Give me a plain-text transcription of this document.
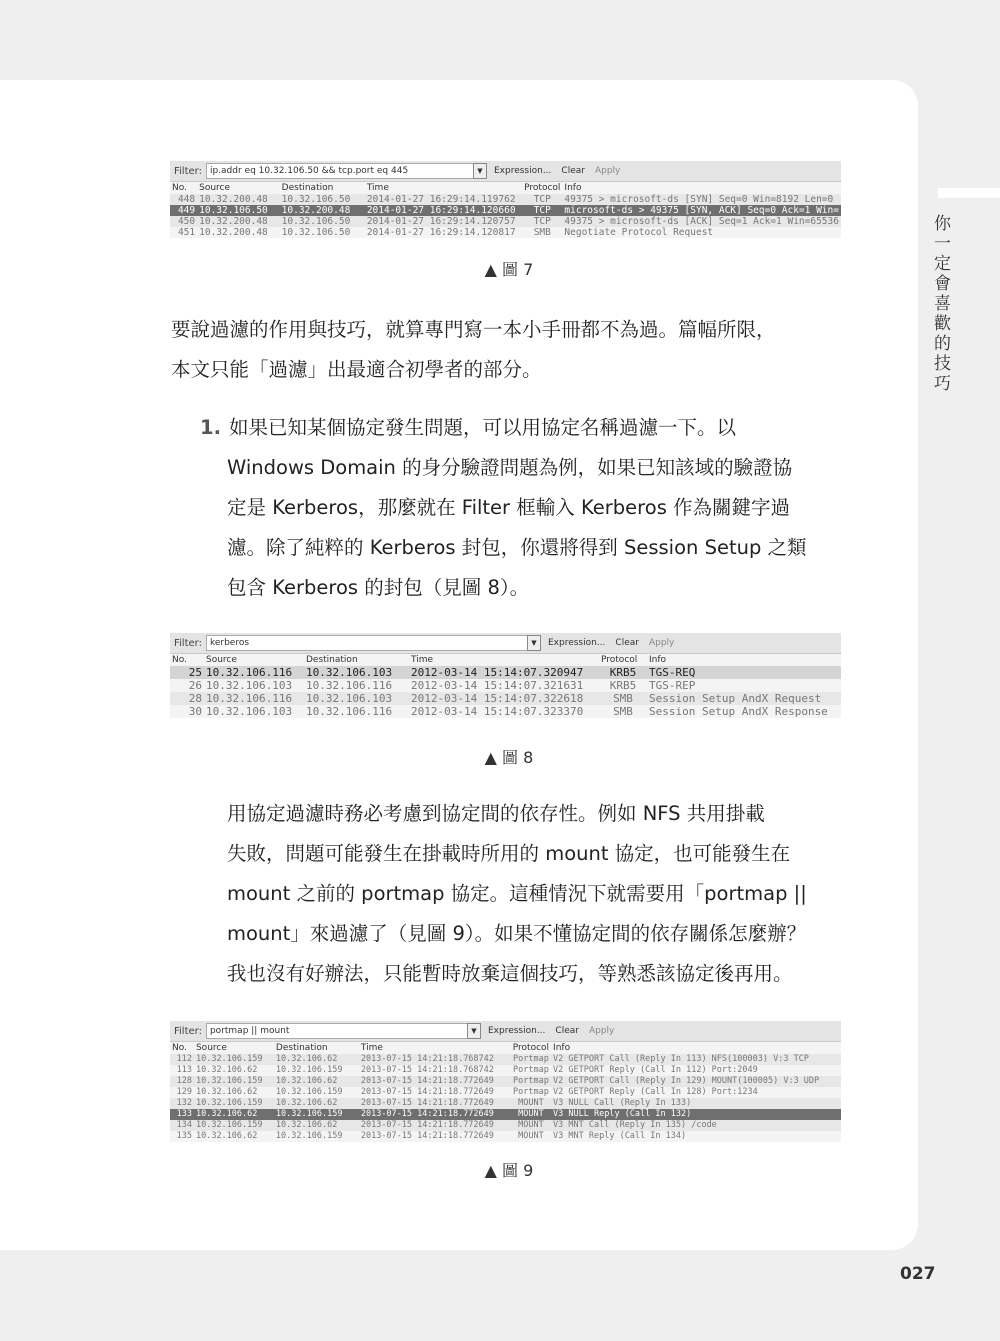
你一定會喜歡的技巧
027
Filter: ip.addr eq 10.32.106.50 && tcp.port eq 445	▼	Expression...	Clear	Apply
No.	Source	Destination	Time	Protocol	Info
448	10.32.200.48	10.32.106.50	2014-01-27 16:29:14.119762	TCP	49375 > microsoft-ds [SYN] Seq=0 Win=8192 Len=0
449	10.32.106.50	10.32.200.48	2014-01-27 16:29:14.120660	TCP	microsoft-ds > 49375 [SYN, ACK] Seq=0 Ack=1 Win=
450	10.32.200.48	10.32.106.50	2014-01-27 16:29:14.120757	TCP	49375 > microsoft-ds [ACK] Seq=1 Ack=1 Win=65536
451	10.32.200.48	10.32.106.50	2014-01-27 16:29:14.120817	SMB	Negotiate Protocol Request
▲ 圖 7

要說過濾的作用與技巧，就算專門寫一本小手冊都不為過。篇幅所限，

本文只能「過濾」出最適合初學者的部分。

1. 如果已知某個協定發生問題，可以用協定名稱過濾一下。以

Windows Domain 的身分驗證問題為例，如果已知該域的驗證協

定是 Kerberos，那麼就在 Filter 框輸入 Kerberos 作為關鍵字過

濾。除了純粹的 Kerberos 封包，你還將得到 Session Setup 之類

包含 Kerberos 的封包（見圖 8）。

Filter: kerberos	▼	Expression...	Clear	Apply
No.	Source	Destination	Time	Protocol	Info
25	10.32.106.116	10.32.106.103	2012-03-14 15:14:07.320947	KRB5	TGS-REQ
26	10.32.106.103	10.32.106.116	2012-03-14 15:14:07.321631	KRB5	TGS-REP
28	10.32.106.116	10.32.106.103	2012-03-14 15:14:07.322618	SMB	Session Setup AndX Request
30	10.32.106.103	10.32.106.116	2012-03-14 15:14:07.323370	SMB	Session Setup AndX Response
▲ 圖 8

用協定過濾時務必考慮到協定間的依存性。例如 NFS 共用掛載

失敗，問題可能發生在掛載時所用的 mount 協定，也可能發生在

mount 之前的 portmap 協定。這種情況下就需要用「portmap ||

mount」來過濾了（見圖 9）。如果不懂協定間的依存關係怎麼辦？

我也沒有好辦法，只能暫時放棄這個技巧，等熟悉該協定後再用。

Filter: portmap || mount	▼	Expression...	Clear	Apply
No.	Source	Destination	Time	Protocol	Info
112	10.32.106.159	10.32.106.62	2013-07-15 14:21:18.768742	Portmap	V2 GETPORT Call (Reply In 113) NFS(100003) V:3 TCP
113	10.32.106.62	10.32.106.159	2013-07-15 14:21:18.768742	Portmap	V2 GETPORT Reply (Call In 112) Port:2049
128	10.32.106.159	10.32.106.62	2013-07-15 14:21:18.772649	Portmap	V2 GETPORT Call (Reply In 129) MOUNT(100005) V:3 UDP
129	10.32.106.62	10.32.106.159	2013-07-15 14:21:18.772649	Portmap	V2 GETPORT Reply (Call In 128) Port:1234
132	10.32.106.159	10.32.106.62	2013-07-15 14:21:18.772649	MOUNT	V3 NULL Call (Reply In 133)
133	10.32.106.62	10.32.106.159	2013-07-15 14:21:18.772649	MOUNT	V3 NULL Reply (Call In 132)
134	10.32.106.159	10.32.106.62	2013-07-15 14:21:18.772649	MOUNT	V3 MNT Call (Reply In 135) /code
135	10.32.106.62	10.32.106.159	2013-07-15 14:21:18.772649	MOUNT	V3 MNT Reply (Call In 134)
▲ 圖 9
